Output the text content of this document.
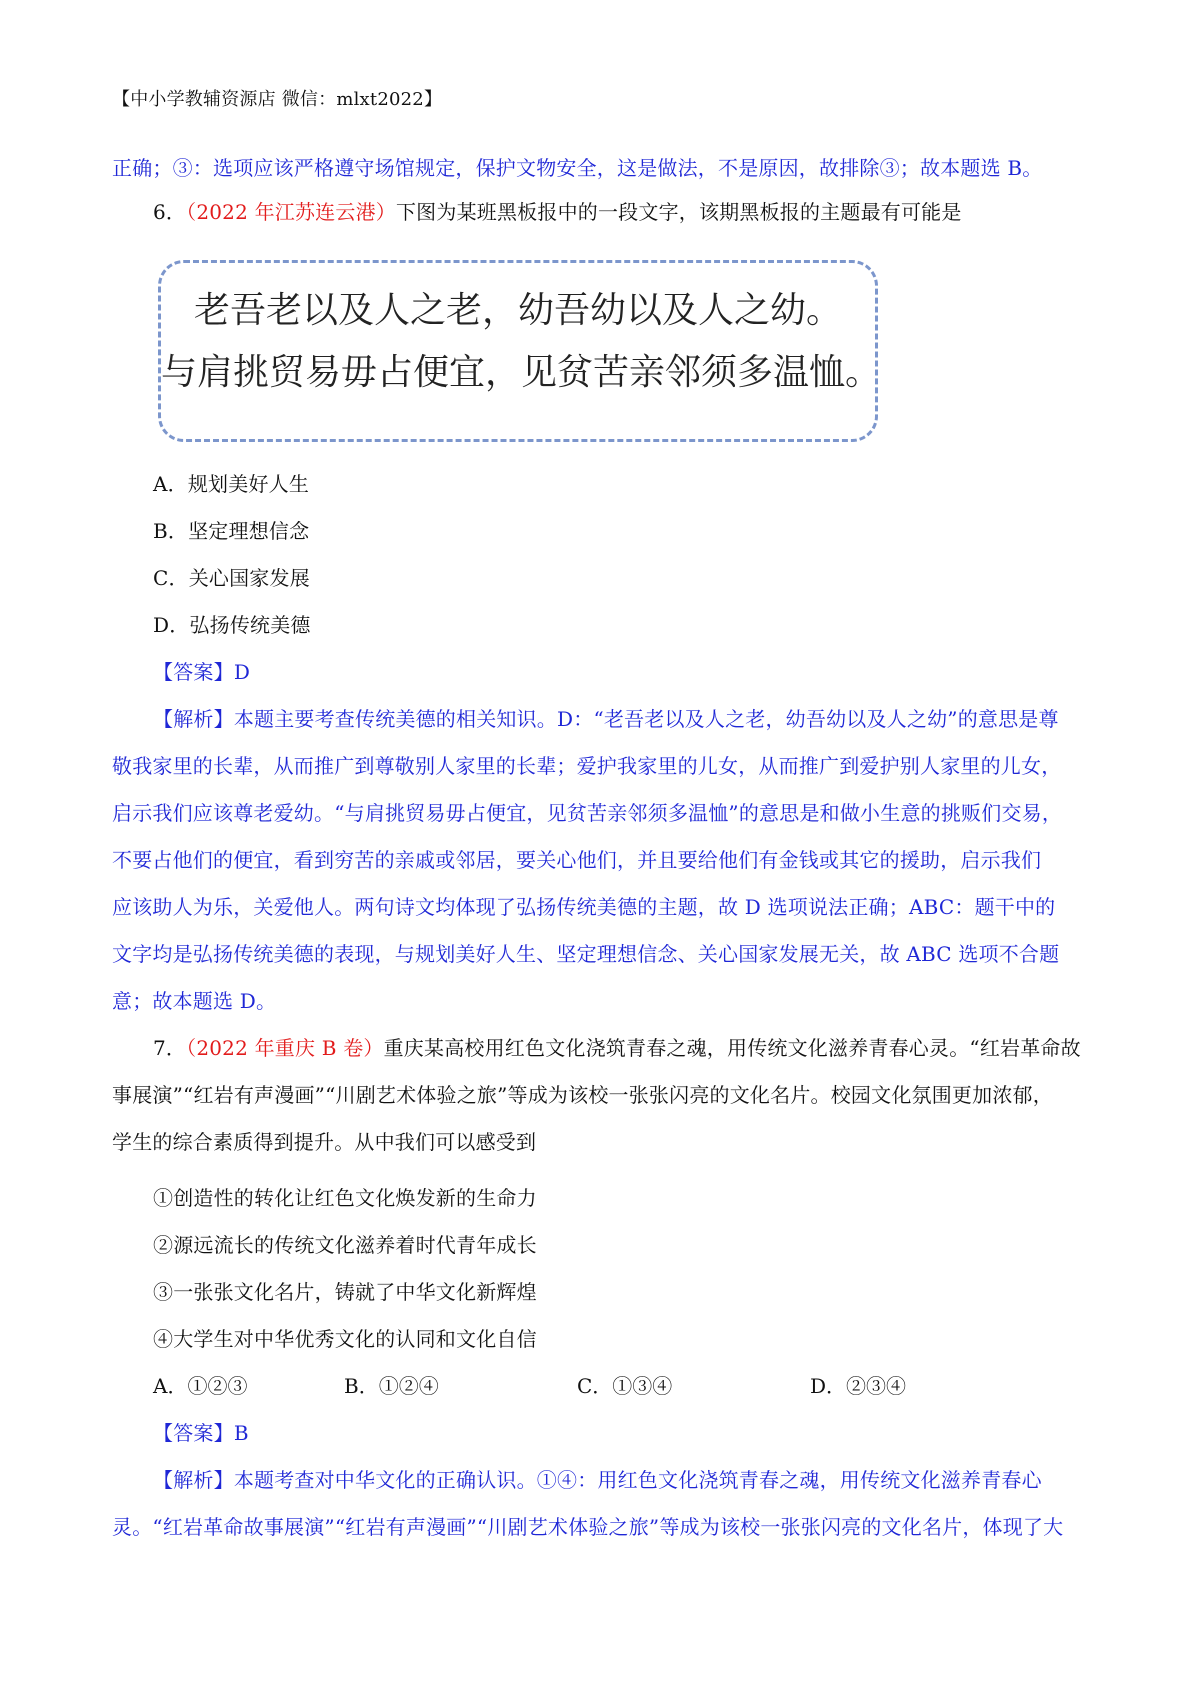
【中小学教辅资源店 微信：mlxt2022】
正确；③：选项应该严格遵守场馆规定，保护文物安全，这是做法，不是原因，故排除③；故本题选 B。
6．（2022 年江苏连云港）下图为某班黑板报中的一段文字，该期黑板报的主题最有可能是
老吾老以及人之老，幼吾幼以及人之幼。
与肩挑贸易毋占便宜，见贫苦亲邻须多温恤。
A．规划美好人生
B．坚定理想信念
C．关心国家发展
D．弘扬传统美德
【答案】D
【解析】本题主要考查传统美德的相关知识。D：“老吾老以及人之老，幼吾幼以及人之幼”的意思是尊
敬我家里的长辈，从而推广到尊敬别人家里的长辈；爱护我家里的儿女，从而推广到爱护别人家里的儿女，
启示我们应该尊老爱幼。“与肩挑贸易毋占便宜，见贫苦亲邻须多温恤”的意思是和做小生意的挑贩们交易，
不要占他们的便宜，看到穷苦的亲戚或邻居，要关心他们，并且要给他们有金钱或其它的援助，启示我们
应该助人为乐，关爱他人。两句诗文均体现了弘扬传统美德的主题，故 D 选项说法正确；ABC：题干中的
文字均是弘扬传统美德的表现，与规划美好人生、坚定理想信念、关心国家发展无关，故 ABC 选项不合题
意；故本题选 D。
7．（2022 年重庆 B 卷）重庆某高校用红色文化浇筑青春之魂，用传统文化滋养青春心灵。“红岩革命故
事展演”“红岩有声漫画”“川剧艺术体验之旅”等成为该校一张张闪亮的文化名片。校园文化氛围更加浓郁，
学生的综合素质得到提升。从中我们可以感受到
①创造性的转化让红色文化焕发新的生命力
②源远流长的传统文化滋养着时代青年成长
③一张张文化名片，铸就了中华文化新辉煌
④大学生对中华优秀文化的认同和文化自信
A．①②③	B．①②④	C．①③④	D．②③④
【答案】B
【解析】本题考查对中华文化的正确认识。①④：用红色文化浇筑青春之魂，用传统文化滋养青春心
灵。“红岩革命故事展演”“红岩有声漫画”“川剧艺术体验之旅”等成为该校一张张闪亮的文化名片，体现了大
